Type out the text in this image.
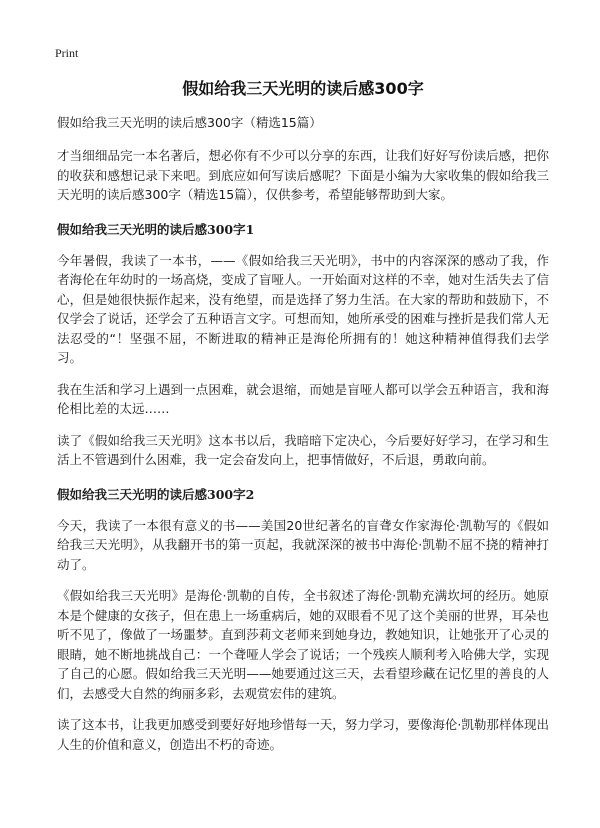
Print
假如给我三天光明的读后感300字

假如给我三天光明的读后感300字（精选15篇）

才当细细品完一本名著后，想必你有不少可以分享的东西，让我们好好写份读后感，把你的收获和感想记录下来吧。到底应如何写读后感呢？下面是小编为大家收集的假如给我三天光明的读后感300字（精选15篇），仅供参考，希望能够帮助到大家。

假如给我三天光明的读后感300字1

今年暑假，我读了一本书，——《假如给我三天光明》，书中的内容深深的感动了我，作者海伦在年幼时的一场高烧，变成了盲哑人。一开始面对这样的不幸，她对生活失去了信心，但是她很快振作起来，没有绝望，而是选择了努力生活。在大家的帮助和鼓励下，不仅学会了说话，还学会了五种语言文字。可想而知，她所承受的困难与挫折是我们常人无法忍受的“！坚强不屈，不断进取的精神正是海伦所拥有的！她这种精神值得我们去学习。

我在生活和学习上遇到一点困难，就会退缩，而她是盲哑人都可以学会五种语言，我和海伦相比差的太远……

读了《假如给我三天光明》这本书以后，我暗暗下定决心，今后要好好学习，在学习和生活上不管遇到什么困难，我一定会奋发向上，把事情做好，不后退，勇敢向前。

假如给我三天光明的读后感300字2

今天，我读了一本很有意义的书——美国20世纪著名的盲聋女作家海伦·凯勒写的《假如给我三天光明》，从我翻开书的第一页起，我就深深的被书中海伦·凯勒不屈不挠的精神打动了。

《假如给我三天光明》是海伦·凯勒的自传，全书叙述了海伦·凯勒充满坎坷的经历。她原本是个健康的女孩子，但在患上一场重病后，她的双眼看不见了这个美丽的世界，耳朵也听不见了，像做了一场噩梦。直到莎莉文老师来到她身边，教她知识，让她张开了心灵的眼睛，她不断地挑战自己：一个聋哑人学会了说话；一个残疾人顺利考入哈佛大学，实现了自己的心愿。假如给我三天光明——她要通过这三天，去看望珍藏在记忆里的善良的人们，去感受大自然的绚丽多彩，去观赏宏伟的建筑。

读了这本书，让我更加感受到要好好地珍惜每一天，努力学习，要像海伦·凯勒那样体现出人生的价值和意义，创造出不朽的奇迹。
